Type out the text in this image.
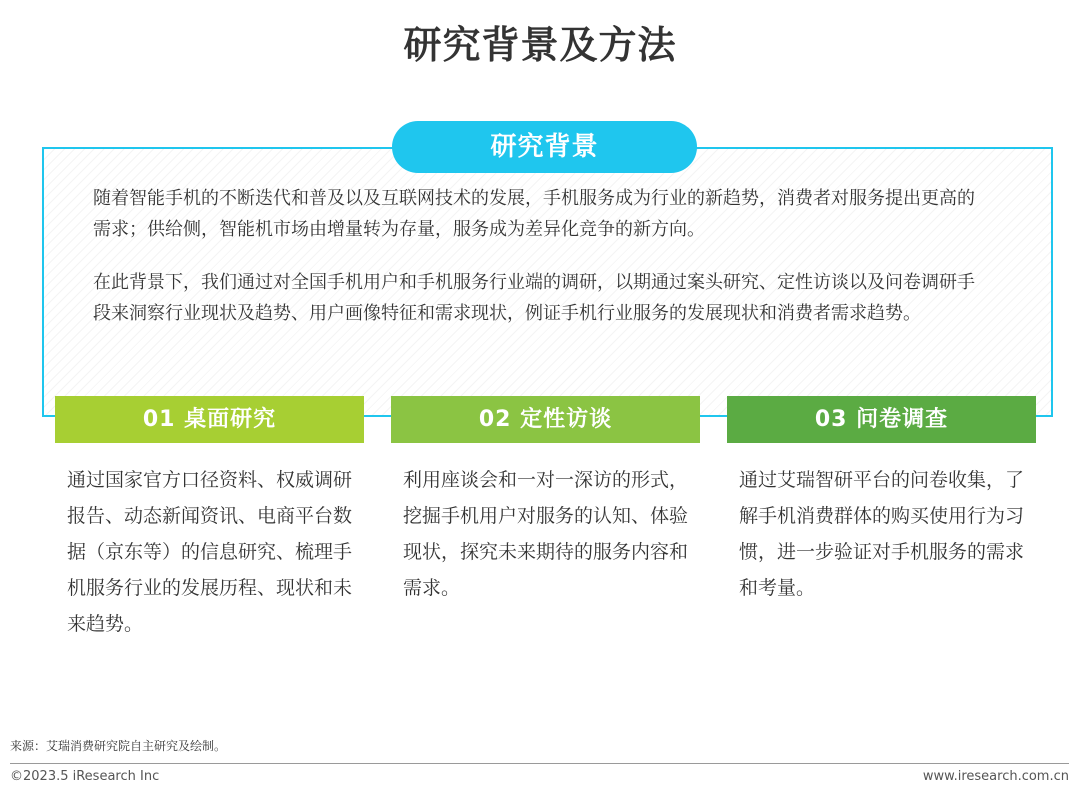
研究背景及方法
研究背景

随着智能手机的不断迭代和普及以及互联网技术的发展，手机服务成为行业的新趋势，消费者对服务提出更高的需求；供给侧，智能机市场由增量转为存量，服务成为差异化竞争的新方向。

在此背景下，我们通过对全国手机用户和手机服务行业端的调研，以期通过案头研究、定性访谈以及问卷调研手段来洞察行业现状及趋势、用户画像特征和需求现状，例证手机行业服务的发展现状和消费者需求趋势。

01 桌面研究	02 定性访谈	03 问卷调查

通过国家官方口径资料、权威调研报告、动态新闻资讯、电商平台数据（京东等）的信息研究、梳理手机服务行业的发展历程、现状和未来趋势。

利用座谈会和一对一深访的形式，挖掘手机用户对服务的认知、体验现状，探究未来期待的服务内容和需求。

通过艾瑞智研平台的问卷收集，了解手机消费群体的购买使用行为习惯，进一步验证对手机服务的需求和考量。

来源：艾瑞消费研究院自主研究及绘制。
©2023.5 iResearch Inc	www.iresearch.com.cn
